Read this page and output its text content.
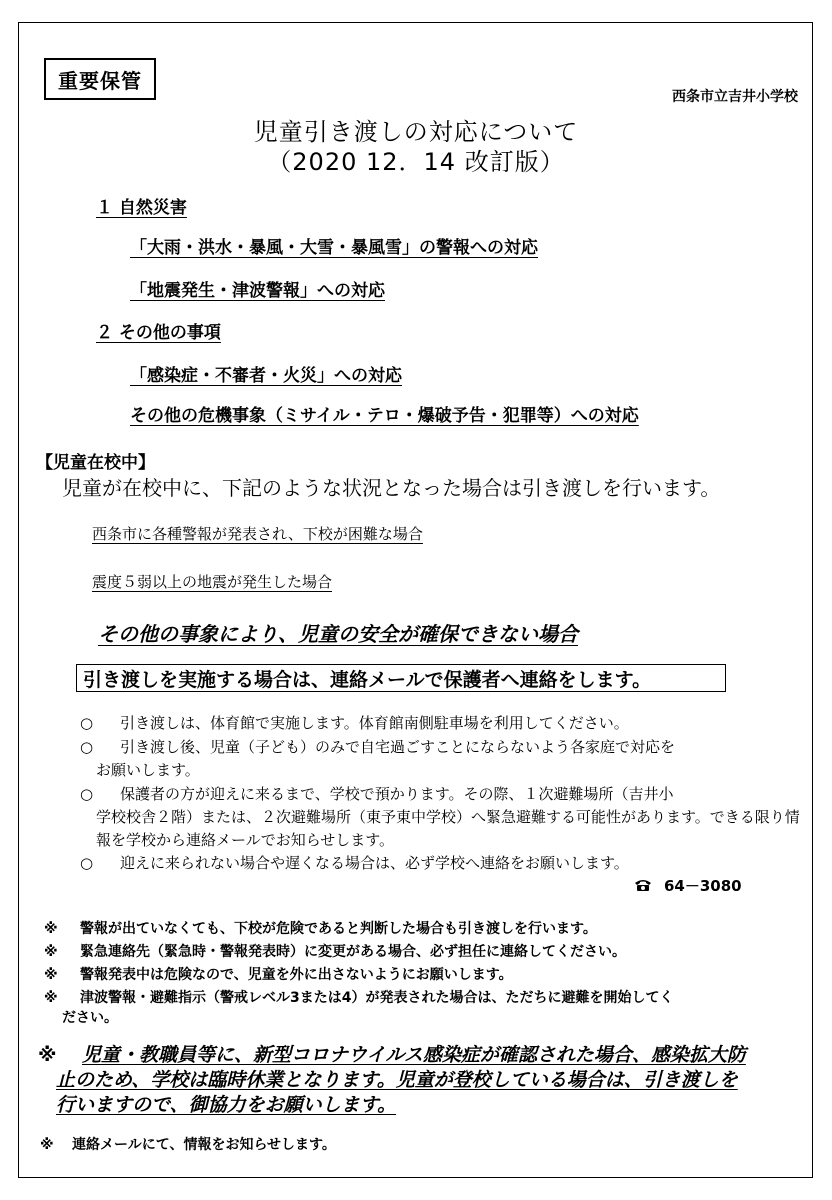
重要保管
西条市立吉井小学校
児童引き渡しの対応について
（2020 12．14 改訂版）
１ 自然災害
「大雨・洪水・暴風・大雪・暴風雪」の警報への対応
「地震発生・津波警報」への対応
２ その他の事項
「感染症・不審者・火災」への対応
その他の危機事象（ミサイル・テロ・爆破予告・犯罪等）への対応
【児童在校中】
児童が在校中に、下記のような状況となった場合は引き渡しを行います。
西条市に各種警報が発表され、下校が困難な場合
震度５弱以上の地震が発生した場合
その他の事象により、児童の安全が確保できない場合
引き渡しを実施する場合は、連絡メールで保護者へ連絡をします。
○	引き渡しは、体育館で実施します。体育館南側駐車場を利用してください。
○	引き渡し後、児童（子ども）のみで自宅過ごすことにならないよう各家庭で対応を
お願いします。
○	保護者の方が迎えに来るまで、学校で預かります。その際、１次避難場所（吉井小
学校校舎２階）または、２次避難場所（東予東中学校）へ緊急避難する可能性があります。できる限り情報を学校から連絡メールでお知らせします。
○	迎えに来られない場合や遅くなる場合は、必ず学校へ連絡をお願いします。
64－3080
※ 警報が出ていなくても、下校が危険であると判断した場合も引き渡しを行います。
※ 緊急連絡先（緊急時・警報発表時）に変更がある場合、必ず担任に連絡してください。
※ 警報発表中は危険なので、児童を外に出さないようにお願いします。
※ 津波警報・避難指示（警戒レベル3または4）が発表された場合は、ただちに避難を開始してく
ださい。
※ 児童・教職員等に、新型コロナウイルス感染症が確認された場合、感染拡大防
止のため、学校は臨時休業となります。児童が登校している場合は、引き渡しを
行いますので、御協力をお願いします。
※ 連絡メールにて、情報をお知らせします。
